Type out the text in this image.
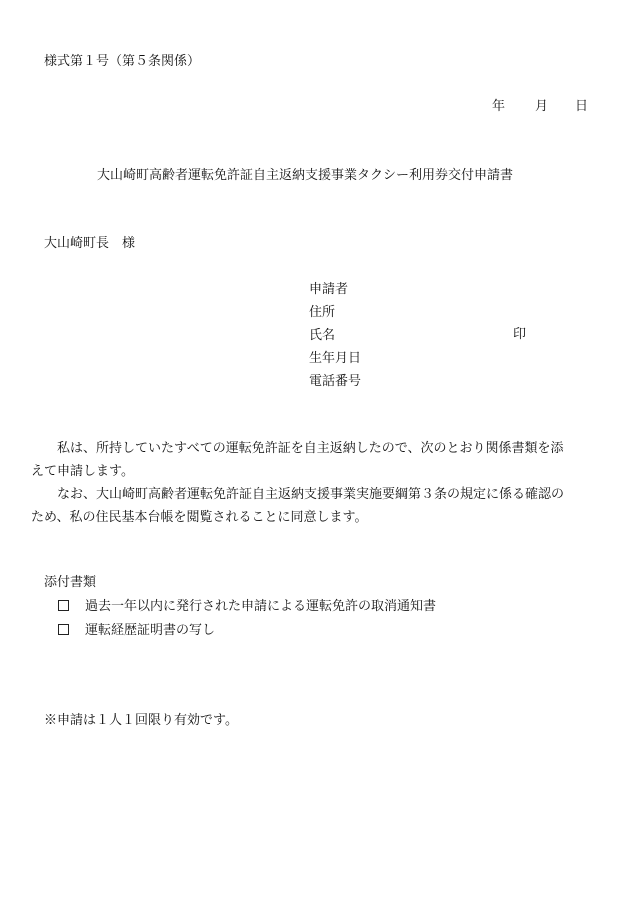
様式第１号（第５条関係）
年 月 日
大山崎町高齢者運転免許証自主返納支援事業タクシー利用券交付申請書
大山崎町長　様
申請者
住所
氏名	印
生年月日
電話番号
私は、所持していたすべての運転免許証を自主返納したので、次のとおり関係書類を添
えて申請します。
なお、大山崎町高齢者運転免許証自主返納支援事業実施要綱第３条の規定に係る確認の
ため、私の住民基本台帳を閲覧されることに同意します。
添付書類
過去一年以内に発行された申請による運転免許の取消通知書
運転経歴証明書の写し
※申請は１人１回限り有効です。
